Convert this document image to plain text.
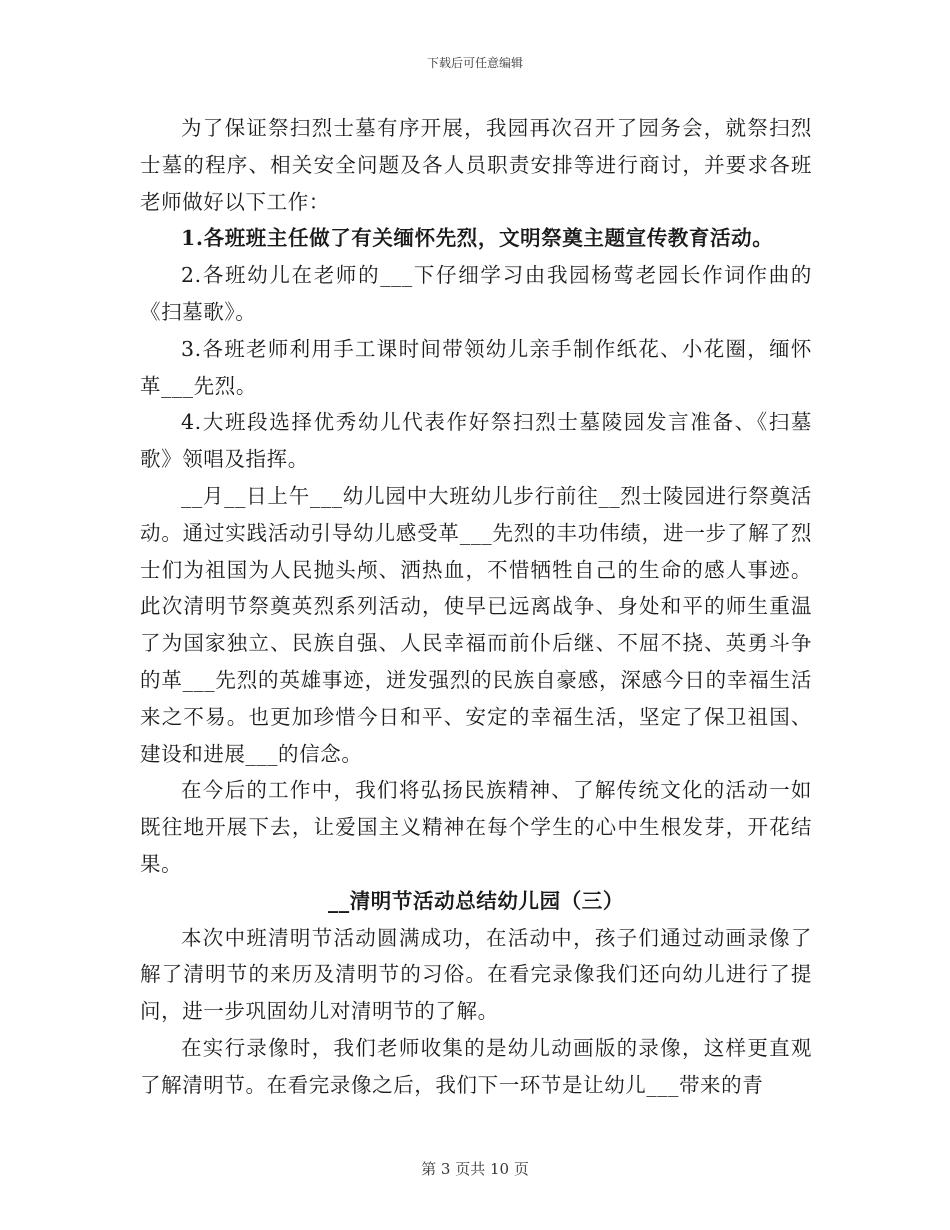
下载后可任意编辑

为了保证祭扫烈士墓有序开展，我园再次召开了园务会，就祭扫烈士墓的程序、相关安全问题及各人员职责安排等进行商讨，并要求各班老师做好以下工作：

1.各班班主任做了有关缅怀先烈，文明祭奠主题宣传教育活动。

2.各班幼儿在老师的___下仔细学习由我园杨莺老园长作词作曲的《扫墓歌》。

3.各班老师利用手工课时间带领幼儿亲手制作纸花、小花圈，缅怀革___先烈。

4.大班段选择优秀幼儿代表作好祭扫烈士墓陵园发言准备、《扫墓歌》领唱及指挥。

__月__日上午___幼儿园中大班幼儿步行前往__烈士陵园进行祭奠活动。通过实践活动引导幼儿感受革___先烈的丰功伟绩，进一步了解了烈士们为祖国为人民抛头颅、洒热血，不惜牺牲自己的生命的感人事迹。此次清明节祭奠英烈系列活动，使早已远离战争、身处和平的师生重温了为国家独立、民族自强、人民幸福而前仆后继、不屈不挠、英勇斗争的革___先烈的英雄事迹，迸发强烈的民族自豪感，深感今日的幸福生活来之不易。也更加珍惜今日和平、安定的幸福生活，坚定了保卫祖国、建设和进展___的信念。

在今后的工作中，我们将弘扬民族精神、了解传统文化的活动一如既往地开展下去，让爱国主义精神在每个学生的心中生根发芽，开花结果。

__清明节活动总结幼儿园（三）

本次中班清明节活动圆满成功，在活动中，孩子们通过动画录像了解了清明节的来历及清明节的习俗。在看完录像我们还向幼儿进行了提问，进一步巩固幼儿对清明节的了解。

在实行录像时，我们老师收集的是幼儿动画版的录像，这样更直观了解清明节。在看完录像之后，我们下一环节是让幼儿___带来的青

第 3 页共 10 页
